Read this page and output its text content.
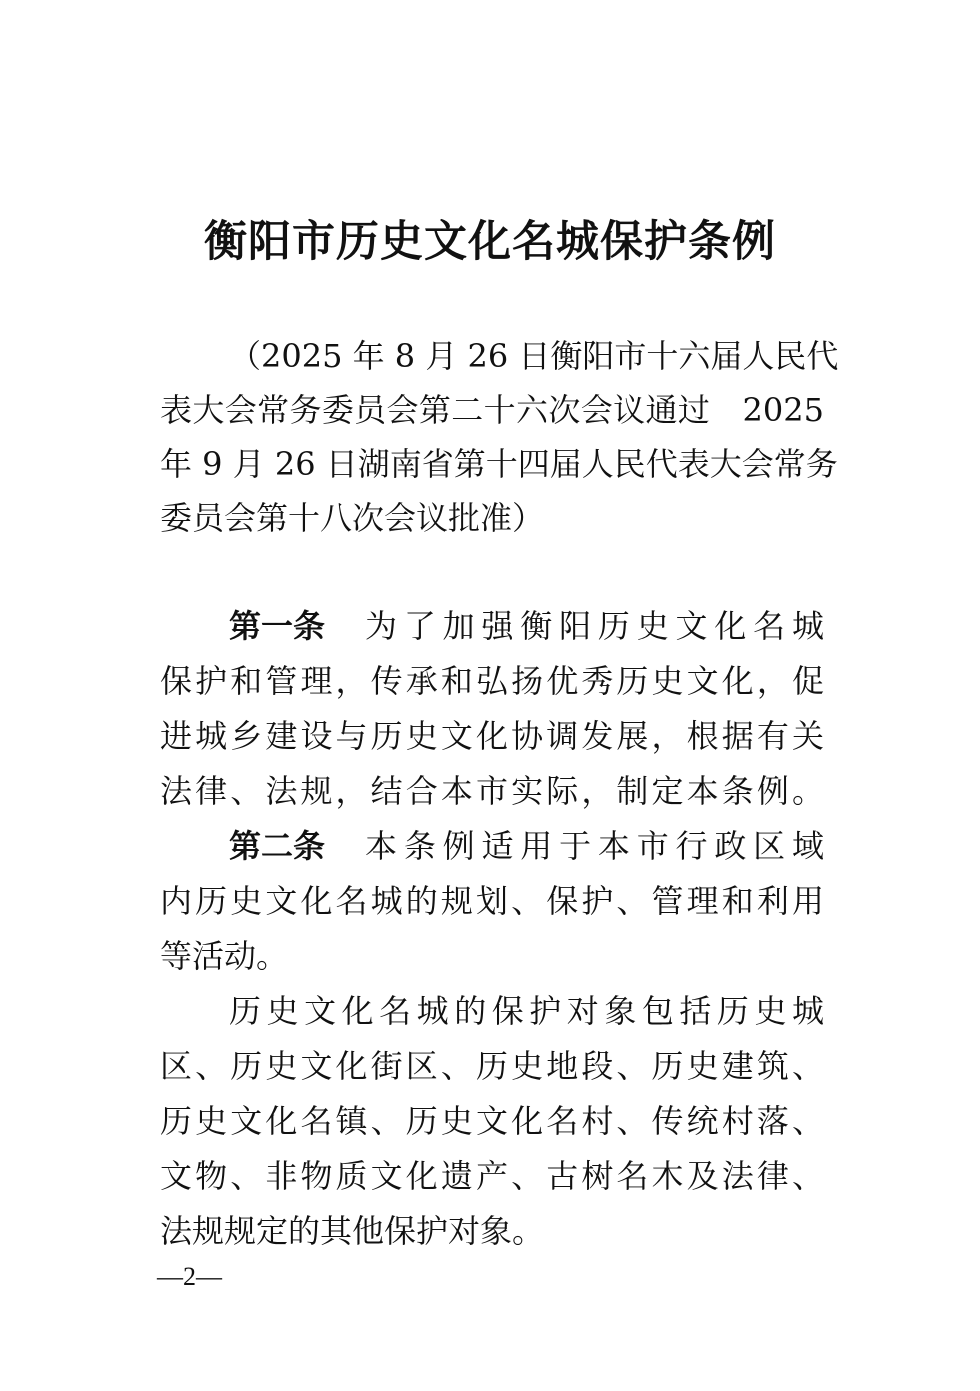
衡阳市历史文化名城保护条例
（2025 年 8 月 26 日衡阳市十六届人民代
表大会常务委员会第二十六次会议通过　2025
年 9 月 26 日湖南省第十四届人民代表大会常务
委员会第十八次会议批准）
第一条 为了加强衡阳历史文化名城
保护和管理，传承和弘扬优秀历史文化，促
进城乡建设与历史文化协调发展，根据有关
法律、法规，结合本市实际，制定本条例。
第二条 本条例适用于本市行政区域
内历史文化名城的规划、保护、管理和利用
等活动。
历史文化名城的保护对象包括历史城
区、历史文化街区、历史地段、历史建筑、
历史文化名镇、历史文化名村、传统村落、
文物、非物质文化遗产、古树名木及法律、
法规规定的其他保护对象。
—2—
